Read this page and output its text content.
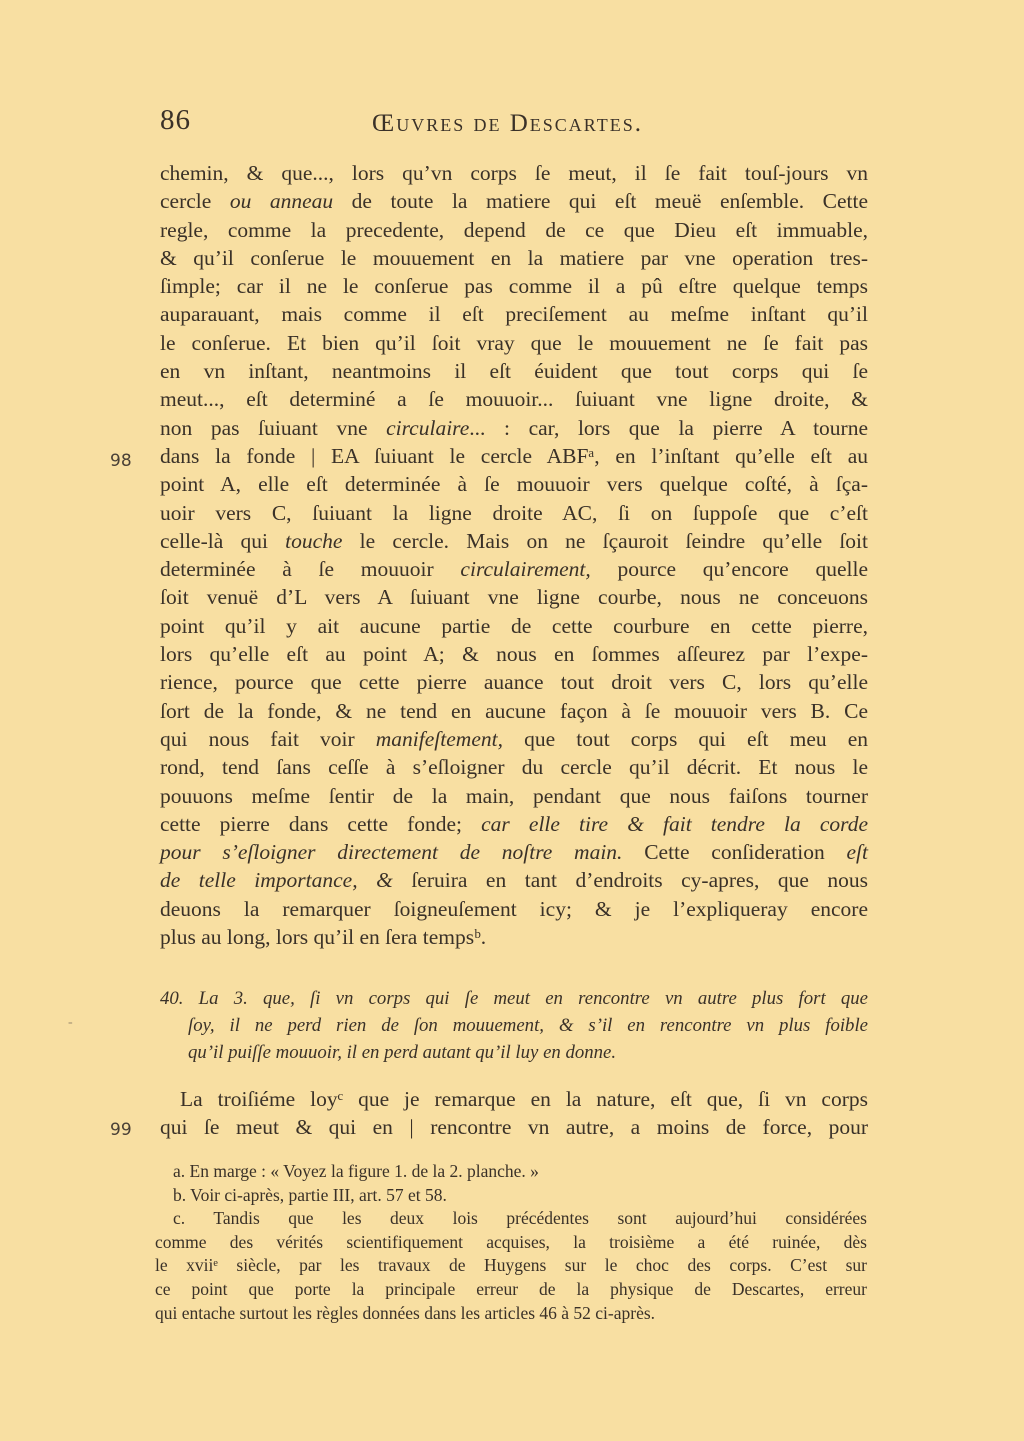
86	Œuvres de Descartes.
98
99
-
chemin, & que..., lors qu’vn corps ſe meut, il ſe fait touſ-jours vn
cercle ou anneau de toute la matiere qui eſt meuë enſemble. Cette
regle, comme la precedente, depend de ce que Dieu eſt immuable,
& qu’il conſerue le mouuement en la matiere par vne operation tres-
ſimple; car il ne le conſerue pas comme il a pû eſtre quelque temps
auparauant, mais comme il eſt preciſement au meſme inſtant qu’il
le conſerue. Et bien qu’il ſoit vray que le mouuement ne ſe fait pas
en vn inſtant, neantmoins il eſt éuident que tout corps qui ſe
meut..., eſt determiné a ſe mouuoir... ſuiuant vne ligne droite, &
non pas ſuiuant vne circulaire... : car, lors que la pierre A tourne
dans la fonde | EA ſuiuant le cercle ABFᵃ, en l’inſtant qu’elle eſt au
point A, elle eſt determinée à ſe mouuoir vers quelque coſté, à ſça-
uoir vers C, ſuiuant la ligne droite AC, ſi on ſuppoſe que c’eſt
celle-là qui touche le cercle. Mais on ne ſçauroit ſeindre qu’elle ſoit
determinée à ſe mouuoir circulairement, pource qu’encore quelle
ſoit venuë d’L vers A ſuiuant vne ligne courbe, nous ne conceuons
point qu’il y ait aucune partie de cette courbure en cette pierre,
lors qu’elle eſt au point A; & nous en ſommes aſſeurez par l’expe-
rience, pource que cette pierre auance tout droit vers C, lors qu’elle
ſort de la fonde, & ne tend en aucune façon à ſe mouuoir vers B. Ce
qui nous fait voir manifeſtement, que tout corps qui eſt meu en
rond, tend ſans ceſſe à s’eſloigner du cercle qu’il décrit. Et nous le
pouuons meſme ſentir de la main, pendant que nous faiſons tourner
cette pierre dans cette fonde; car elle tire & fait tendre la corde
pour s’eſloigner directement de noſtre main. Cette conſideration eſt
de telle importance, & ſeruira en tant d’endroits cy-apres, que nous
deuons la remarquer ſoigneuſement icy; & je l’expliqueray encore
plus au long, lors qu’il en ſera tempsᵇ.
40. La 3. que, ſi vn corps qui ſe meut en rencontre vn autre plus fort que
ſoy, il ne perd rien de ſon mouuement, & s’il en rencontre vn plus foible
qu’il puiſſe mouuoir, il en perd autant qu’il luy en donne.
La troiſiéme loyᶜ que je remarque en la nature, eſt que, ſi vn corps
qui ſe meut & qui en | rencontre vn autre, a moins de force, pour
a. En marge : « Voyez la figure 1. de la 2. planche. »
b. Voir ci-après, partie III, art. 57 et 58.
c. Tandis que les deux lois précédentes sont aujourd’hui considérées
comme des vérités scientifiquement acquises, la troisième a été ruinée, dès
le xviiᵉ siècle, par les travaux de Huygens sur le choc des corps. C’est sur
ce point que porte la principale erreur de la physique de Descartes, erreur
qui entache surtout les règles données dans les articles 46 à 52 ci-après.
